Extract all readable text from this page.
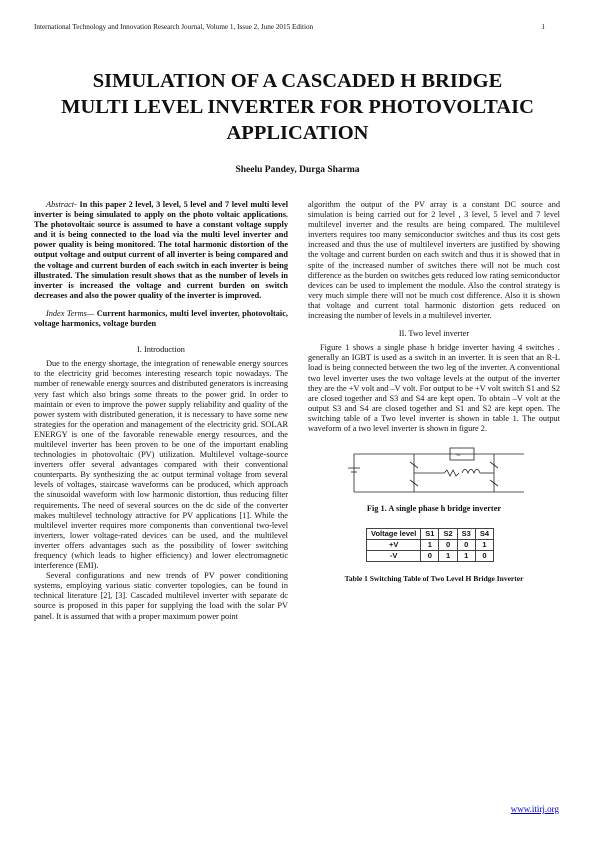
International Technology and Innovation Research Journal, Volume 1, Issue 2, June 2015 Edition	1
SIMULATION OF A CASCADED H BRIDGE
MULTI LEVEL INVERTER FOR PHOTOVOLTAIC
APPLICATION
Sheelu Pandey, Durga Sharma

Abstract- In this paper 2 level, 3 level, 5 level and 7 level multi level inverter is being simulated to apply on the photo voltaic applications. The photovoltaic source is assumed to have a constant voltage supply and it is being connected to the load via the multi level inverter and power quality is being monitored. The total harmonic distortion of the output voltage and output current of all inverter is being compared and the voltage and current burden of each switch in each inverter is being illustrated. The simulation result shows that as the number of levels in inverter is increased the voltage and current burden on switch decreases and also the power quality of the inverter is improved.

Index Terms— Current harmonics, multi level inverter, photovoltaic, voltage harmonics, voltage burden

I. Introduction

Due to the energy shortage, the integration of renewable energy sources to the electricity grid becomes interesting research topic nowadays. The number of renewable energy sources and distributed generators is increasing very fast which also brings some threats to the power grid. In order to maintain or even to improve the power supply reliability and quality of the power system with distributed generation, it is necessary to have some new strategies for the operation and management of the electricity grid. SOLAR ENERGY is one of the favorable renewable energy resources, and the multilevel inverter has been proven to be one of the important enabling technologies in photovoltaic (PV) utilization. Multilevel voltage-source inverters offer several advantages compared with their conventional counterparts. By synthesizing the ac output terminal voltage from several levels of voltages, staircase waveforms can be produced, which approach the sinusoidal waveform with low harmonic distortion, thus reducing filter requirements. The need of several sources on the dc side of the converter makes multilevel technology attractive for PV applications [1]. While the multilevel inverter requires more components than conventional two-level inverters, lower voltage-rated devices can be used, and the multilevel inverter offers advantages such as the possibility of lower switching frequency (which leads to higher efficiency) and lower electromagnetic interference (EMI).

Several configurations and new trends of PV power conditioning systems, employing various static converter topologies, can be found in technical literature [2], [3]. Cascaded multilevel inverter with separate dc source is proposed in this paper for supplying the load with the solar PV panel. It is assumed that with a proper maximum power point

algorithm the output of the PV array is a constant DC source and simulation is being carried out for 2 level , 3 level, 5 level and 7 level multilevel inverter and the results are being compared. The multilevel inverters requires too many semiconductor switches and thus its cost gets increased and thus the use of multilevel inverters are justified by showing the voltage and current burden on each switch and thus it is showed that in spite of the increased number of switches there will not be much cost difference as the burden on switches gets reduced low rating semiconductor devices can be used to implement the module. Also the control strategy is very much simple there will not be much cost difference. Also it is shown that voltage and current total harmonic distortion gets reduced on increasing the number of levels in a multilevel inverter.

II. Two level inverter

Figure 1 shows a single phase h bridge inverter having 4 switches . generally an IGBT is used as a switch in an inverter. It is seen that an R-L load is being connected between the two leg of the inverter. A conventional two level inverter uses the two voltage levels at the output of the inverter they are the +V volt and –V volt. For output to be +V volt switch S1 and S2 are closed together and S3 and S4 are kept open. To obtain –V volt at the output S3 and S4 are closed together and S1 and S2 are kept open. The switching table of a Two level inverter is shown in table 1. The output waveform of a two level inverter is shown in figure 2.

~

Fig 1. A single phase h bridge inverter

Voltage level	S1	S2	S3	S4
+V	1	0	0	1
-V	0	1	1	0

Table 1 Switching Table of Two Level H Bridge Inverter

www.itirj.org
